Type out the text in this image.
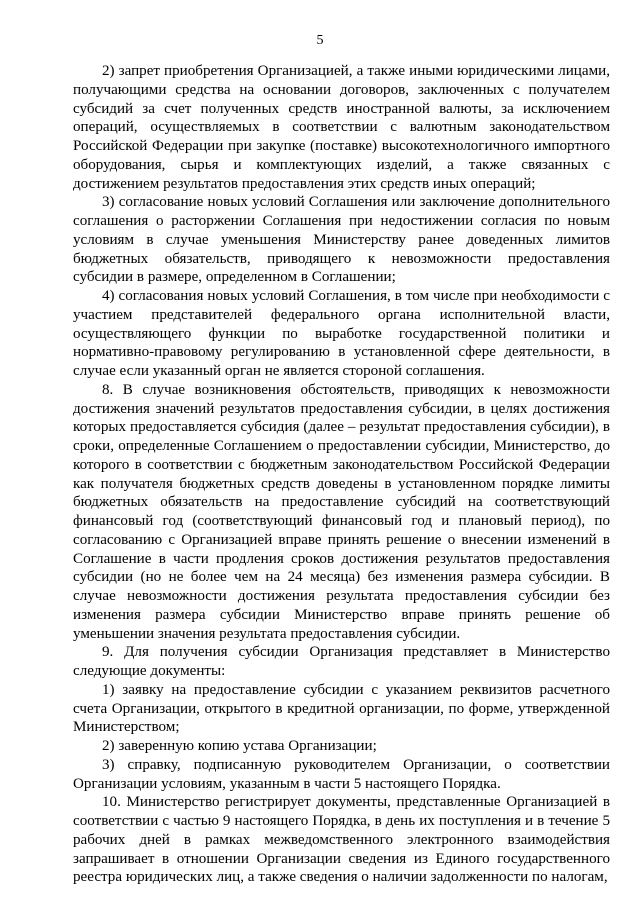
5

2) запрет приобретения Организацией, а также иными юридическими лицами, получающими средства на основании договоров, заключенных с получателем субсидий за счет полученных средств иностранной валюты, за исключением операций, осуществляемых в соответствии с валютным законодательством Российской Федерации при закупке (поставке) высокотехнологичного импортного оборудования, сырья и комплектующих изделий, а также связанных с достижением результатов предоставления этих средств иных операций;

3) согласование новых условий Соглашения или заключение дополнительного соглашения о расторжении Соглашения при недостижении согласия по новым условиям в случае уменьшения Министерству ранее доведенных лимитов бюджетных обязательств, приводящего к невозможности предоставления субсидии в размере, определенном в Соглашении;

4) согласования новых условий Соглашения, в том числе при необходимости с участием представителей федерального органа исполнительной власти, осуществляющего функции по выработке государственной политики и нормативно-правовому регулированию в установленной сфере деятельности, в случае если указанный орган не является стороной соглашения.

8. В случае возникновения обстоятельств, приводящих к невозможности достижения значений результатов предоставления субсидии, в целях достижения которых предоставляется субсидия (далее – результат предоставления субсидии), в сроки, определенные Соглашением о предоставлении субсидии, Министерство, до которого в соответствии с бюджетным законодательством Российской Федерации как получателя бюджетных средств доведены в установленном порядке лимиты бюджетных обязательств на предоставление субсидий на соответствующий финансовый год (соответствующий финансовый год и плановый период), по согласованию с Организацией вправе принять решение о внесении изменений в Соглашение в части продления сроков достижения результатов предоставления субсидии (но не более чем на 24 месяца) без изменения размера субсидии. В случае невозможности достижения результата предоставления субсидии без изменения размера субсидии Министерство вправе принять решение об уменьшении значения результата предоставления субсидии.

9. Для получения субсидии Организация представляет в Министерство следующие документы:

1) заявку на предоставление субсидии с указанием реквизитов расчетного счета Организации, открытого в кредитной организации, по форме, утвержденной Министерством;

2) заверенную копию устава Организации;

3) справку, подписанную руководителем Организации, о соответствии Организации условиям, указанным в части 5 настоящего Порядка.

10. Министерство регистрирует документы, представленные Организацией в соответствии с частью 9 настоящего Порядка, в день их поступления и в течение 5 рабочих дней в рамках межведомственного электронного взаимодействия запрашивает в отношении Организации сведения из Единого государственного реестра юридических лиц, а также сведения о наличии задолженности по налогам,
